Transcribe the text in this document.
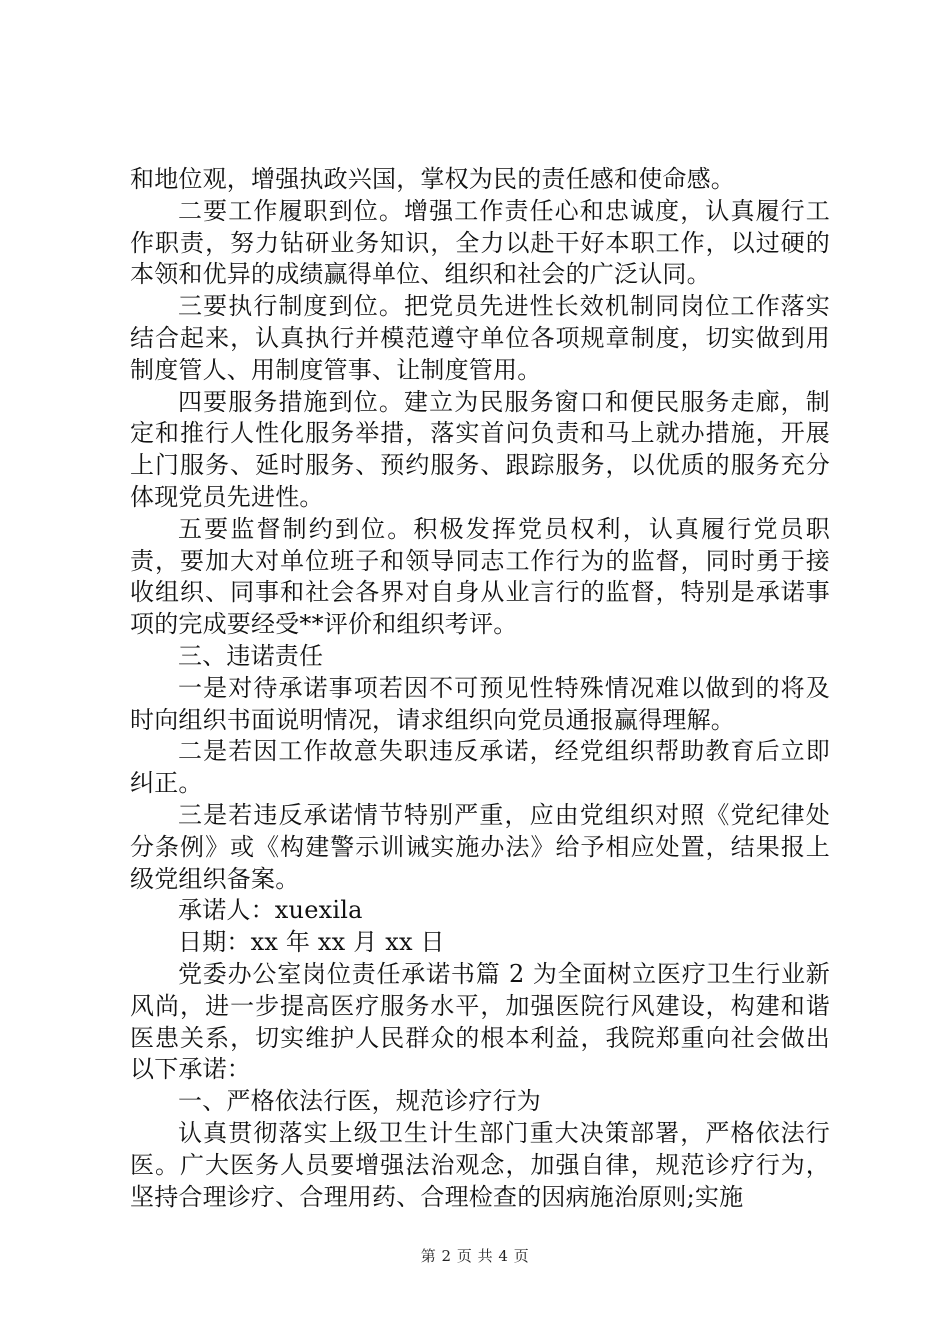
和地位观，增强执政兴国，掌权为民的责任感和使命感。

二要工作履职到位。增强工作责任心和忠诚度，认真履行工作职责，努力钻研业务知识，全力以赴干好本职工作，以过硬的本领和优异的成绩赢得单位、组织和社会的广泛认同。

三要执行制度到位。把党员先进性长效机制同岗位工作落实结合起来，认真执行并模范遵守单位各项规章制度，切实做到用制度管人、用制度管事、让制度管用。

四要服务措施到位。建立为民服务窗口和便民服务走廊，制定和推行人性化服务举措，落实首问负责和马上就办措施，开展上门服务、延时服务、预约服务、跟踪服务，以优质的服务充分体现党员先进性。

五要监督制约到位。积极发挥党员权利，认真履行党员职责，要加大对单位班子和领导同志工作行为的监督，同时勇于接收组织、同事和社会各界对自身从业言行的监督，特别是承诺事项的完成要经受**评价和组织考评。

三、违诺责任

一是对待承诺事项若因不可预见性特殊情况难以做到的将及时向组织书面说明情况，请求组织向党员通报赢得理解。

二是若因工作故意失职违反承诺，经党组织帮助教育后立即纠正。

三是若违反承诺情节特别严重，应由党组织对照《党纪律处分条例》或《构建警示训诫实施办法》给予相应处置，结果报上级党组织备案。

承诺人：xuexila

日期：xx 年 xx 月 xx 日

党委办公室岗位责任承诺书篇 2 为全面树立医疗卫生行业新风尚，进一步提高医疗服务水平，加强医院行风建设，构建和谐医患关系，切实维护人民群众的根本利益，我院郑重向社会做出以下承诺：

一、严格依法行医，规范诊疗行为

认真贯彻落实上级卫生计生部门重大决策部署，严格依法行医。广大医务人员要增强法治观念，加强自律，规范诊疗行为，坚持合理诊疗、合理用药、合理检查的因病施治原则;实施

第 2 页 共 4 页
